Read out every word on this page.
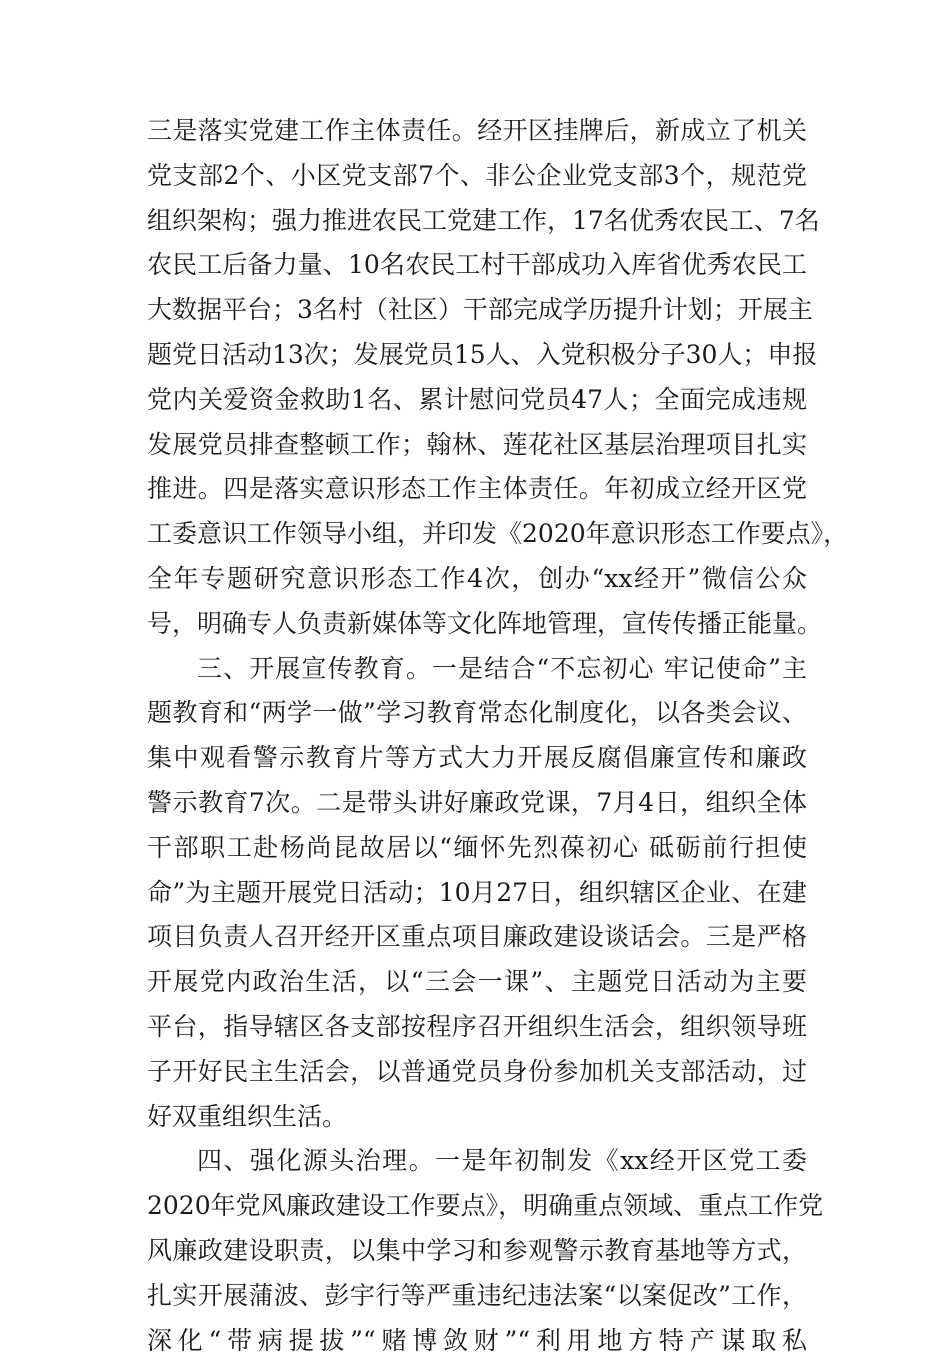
三是落实党建工作主体责任。经开区挂牌后，新成立了机关
党支部2个、小区党支部7个、非公企业党支部3个，规范党
组织架构；强力推进农民工党建工作，17名优秀农民工、7名
农民工后备力量、10名农民工村干部成功入库省优秀农民工
大数据平台；3名村（社区）干部完成学历提升计划；开展主
题党日活动13次；发展党员15人、入党积极分子30人；申报
党内关爱资金救助1名、累计慰问党员47人；全面完成违规
发展党员排查整顿工作；翰林、莲花社区基层治理项目扎实
推进。四是落实意识形态工作主体责任。年初成立经开区党
工委意识工作领导小组，并印发《2020年意识形态工作要点》，
全年专题研究意识形态工作4次，创办“xx经开”微信公众
号，明确专人负责新媒体等文化阵地管理，宣传传播正能量。
三、开展宣传教育。一是结合“不忘初心 牢记使命”主
题教育和“两学一做”学习教育常态化制度化，以各类会议、
集中观看警示教育片等方式大力开展反腐倡廉宣传和廉政
警示教育7次。二是带头讲好廉政党课，7月4日，组织全体
干部职工赴杨尚昆故居以“缅怀先烈葆初心 砥砺前行担使
命”为主题开展党日活动；10月27日，组织辖区企业、在建
项目负责人召开经开区重点项目廉政建设谈话会。三是严格
开展党内政治生活，以“三会一课”、主题党日活动为主要
平台，指导辖区各支部按程序召开组织生活会，组织领导班
子开好民主生活会，以普通党员身份参加机关支部活动，过
好双重组织生活。
四、强化源头治理。一是年初制发《xx经开区党工委
2020年党风廉政建设工作要点》，明确重点领域、重点工作党
风廉政建设职责，以集中学习和参观警示教育基地等方式，
扎实开展蒲波、彭宇行等严重违纪违法案“以案促改”工作，
深化“带病提拔”“赌博敛财”“利用地方特产谋取私
